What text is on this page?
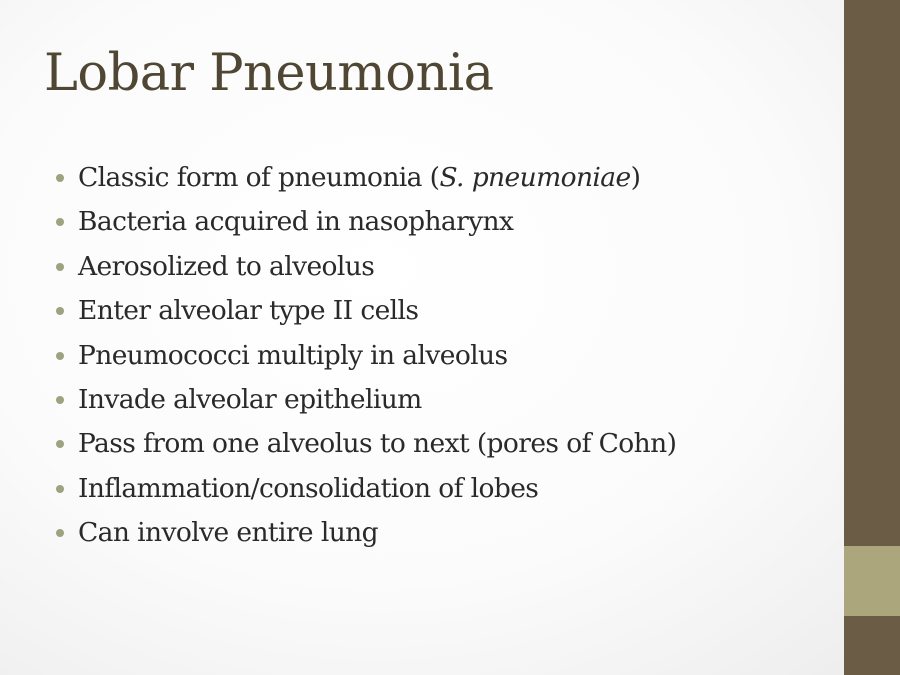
Lobar Pneumonia
Classic form of pneumonia (S. pneumoniae)
Bacteria acquired in nasopharynx
Aerosolized to alveolus
Enter alveolar type II cells
Pneumococci multiply in alveolus
Invade alveolar epithelium
Pass from one alveolus to next (pores of Cohn)
Inflammation/consolidation of lobes
Can involve entire lung
